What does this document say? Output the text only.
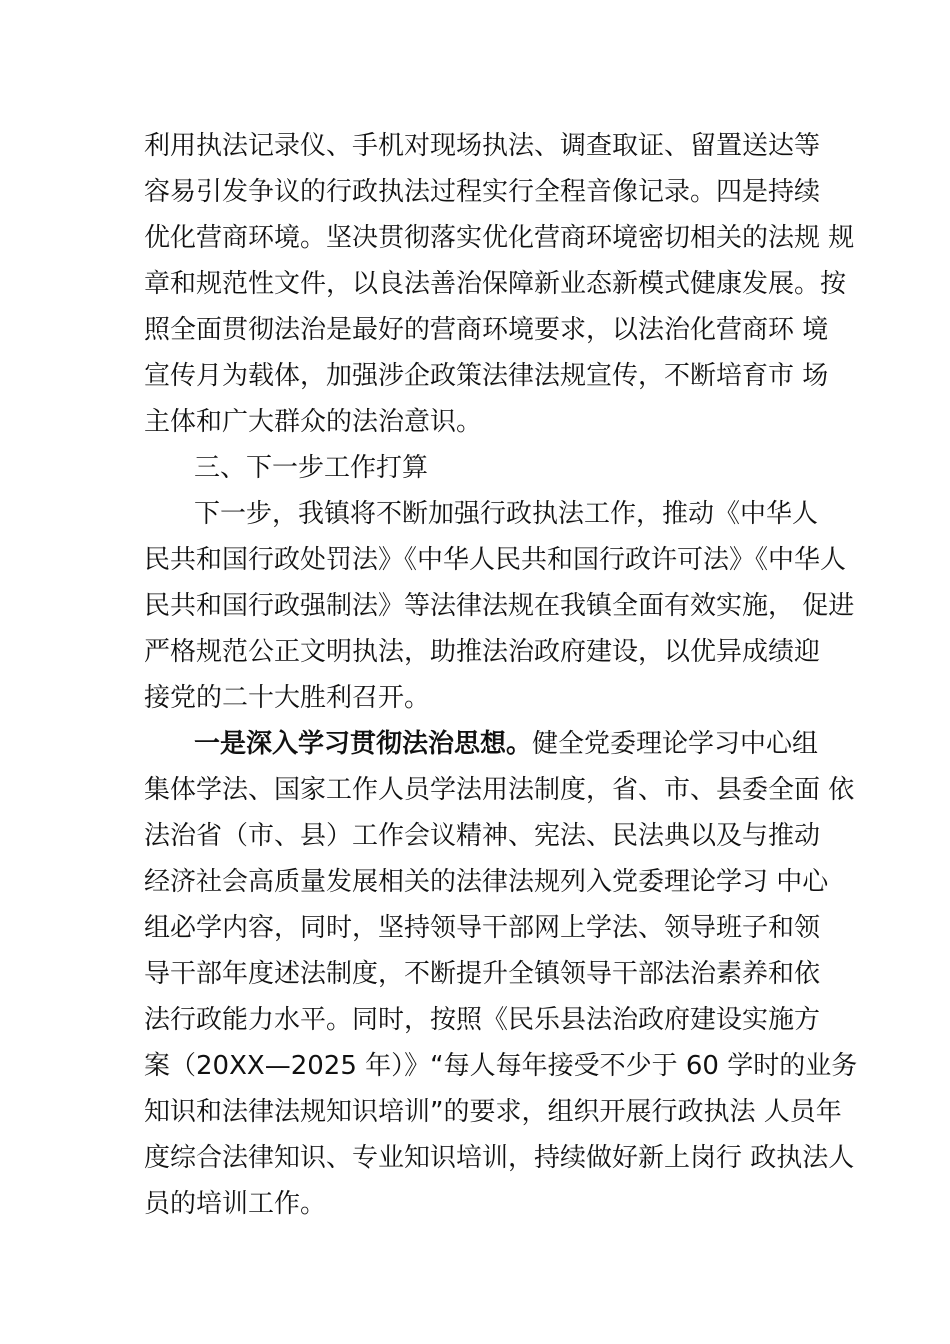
利用执法记录仪、手机对现场执法、调查取证、留置送达等
容易引发争议的行政执法过程实行全程音像记录。四是持续
优化营商环境。坚决贯彻落实优化营商环境密切相关的法规 规
章和规范性文件，以良法善治保障新业态新模式健康发展。按
照全面贯彻法治是最好的营商环境要求，以法治化营商环 境
宣传月为载体，加强涉企政策法律法规宣传，不断培育市 场
主体和广大群众的法治意识。
三、下一步工作打算
下一步，我镇将不断加强行政执法工作，推动《中华人
民共和国行政处罚法》《中华人民共和国行政许可法》《中华人
民共和国行政强制法》等法律法规在我镇全面有效实施， 促进
严格规范公正文明执法，助推法治政府建设，以优异成绩迎
接党的二十大胜利召开。
一是深入学习贯彻法治思想。健全党委理论学习中心组
集体学法、国家工作人员学法用法制度，省、市、县委全面 依
法治省（市、县）工作会议精神、宪法、民法典以及与推动
经济社会高质量发展相关的法律法规列入党委理论学习 中心
组必学内容，同时，坚持领导干部网上学法、领导班子和领
导干部年度述法制度，不断提升全镇领导干部法治素养和依
法行政能力水平。同时，按照《民乐县法治政府建设实施方
案（20XX—2025 年）》“每人每年接受不少于 60 学时的业务
知识和法律法规知识培训”的要求，组织开展行政执法 人员年
度综合法律知识、专业知识培训，持续做好新上岗行 政执法人
员的培训工作。
